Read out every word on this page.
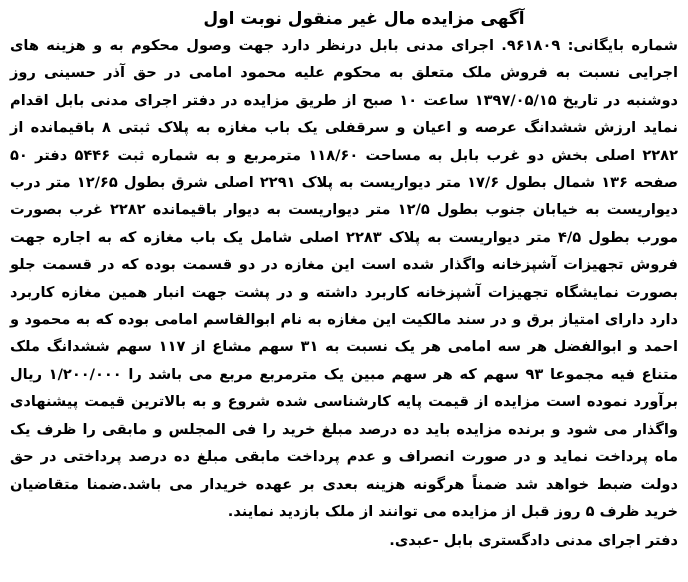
آگهی مزایده مال غیر منقول نوبت اول

شماره بایگانی: ۹۶۱۸۰۹. اجرای مدنی بابل درنظر دارد جهت وصول محکوم به و هزینه های اجرایی نسبت به فروش ملک متعلق به محکوم علیه محمود امامی در حق آذر حسینی روز دوشنبه در تاریخ ۱۳۹۷/۰۵/۱۵ ساعت ۱۰ صبح از طریق مزایده در دفتر اجرای مدنی بابل اقدام نماید ارزش ششدانگ عرصه و اعیان و سرقفلی یک باب مغازه به پلاک ثبتی ۸ باقیمانده از ۲۲۸۲ اصلی بخش دو غرب بابل به مساحت ۱۱۸/۶۰ مترمربع و به شماره ثبت ۵۴۴۶ دفتر ۵۰ صفحه ۱۳۶ شمال بطول ۱۷/۶ متر دیواریست به پلاک ۲۲۹۱ اصلی شرق بطول ۱۲/۶۵ متر درب دیواریست به خیابان جنوب بطول ۱۲/۵ متر دیواریست به دیوار باقیمانده ۲۲۸۲ غرب بصورت مورب بطول ۴/۵ متر دیواریست به پلاک ۲۲۸۳ اصلی شامل یک باب مغازه که به اجاره جهت فروش تجهیزات آشپزخانه واگذار شده است این مغازه در دو قسمت بوده که در قسمت جلو بصورت نمایشگاه تجهیزات آشپزخانه کاربرد داشته و در پشت جهت انبار همین مغازه کاربرد دارد دارای امتیاز برق و در سند مالکیت این مغازه به نام ابوالقاسم امامی بوده که به محمود و احمد و ابوالفضل هر سه امامی هر یک نسبت به ۳۱ سهم مشاع از ۱۱۷ سهم ششدانگ ملک متناع فیه مجموعا ۹۳ سهم که هر سهم مبین یک مترمربع مربع می باشد را ۱/۲۰۰/۰۰۰ ریال برآورد نموده است مزایده از قیمت پایه کارشناسی شده شروع و به بالاترین قیمت پیشنهادی واگذار می شود و برنده مزایده باید ده درصد مبلغ خرید را فی المجلس و مابقی را ظرف یک ماه پرداخت نماید و در صورت انصراف و عدم پرداخت مابقی مبلغ ده درصد پرداختی در حق دولت ضبط خواهد شد ضمناً هرگونه هزینه بعدی بر عهده خریدار می باشد.ضمنا متقاضیان خرید ظرف ۵ روز قبل از مزایده می توانند از ملک بازدید نمایند.

دفتر اجرای مدنی دادگستری بابل -عبدی.
